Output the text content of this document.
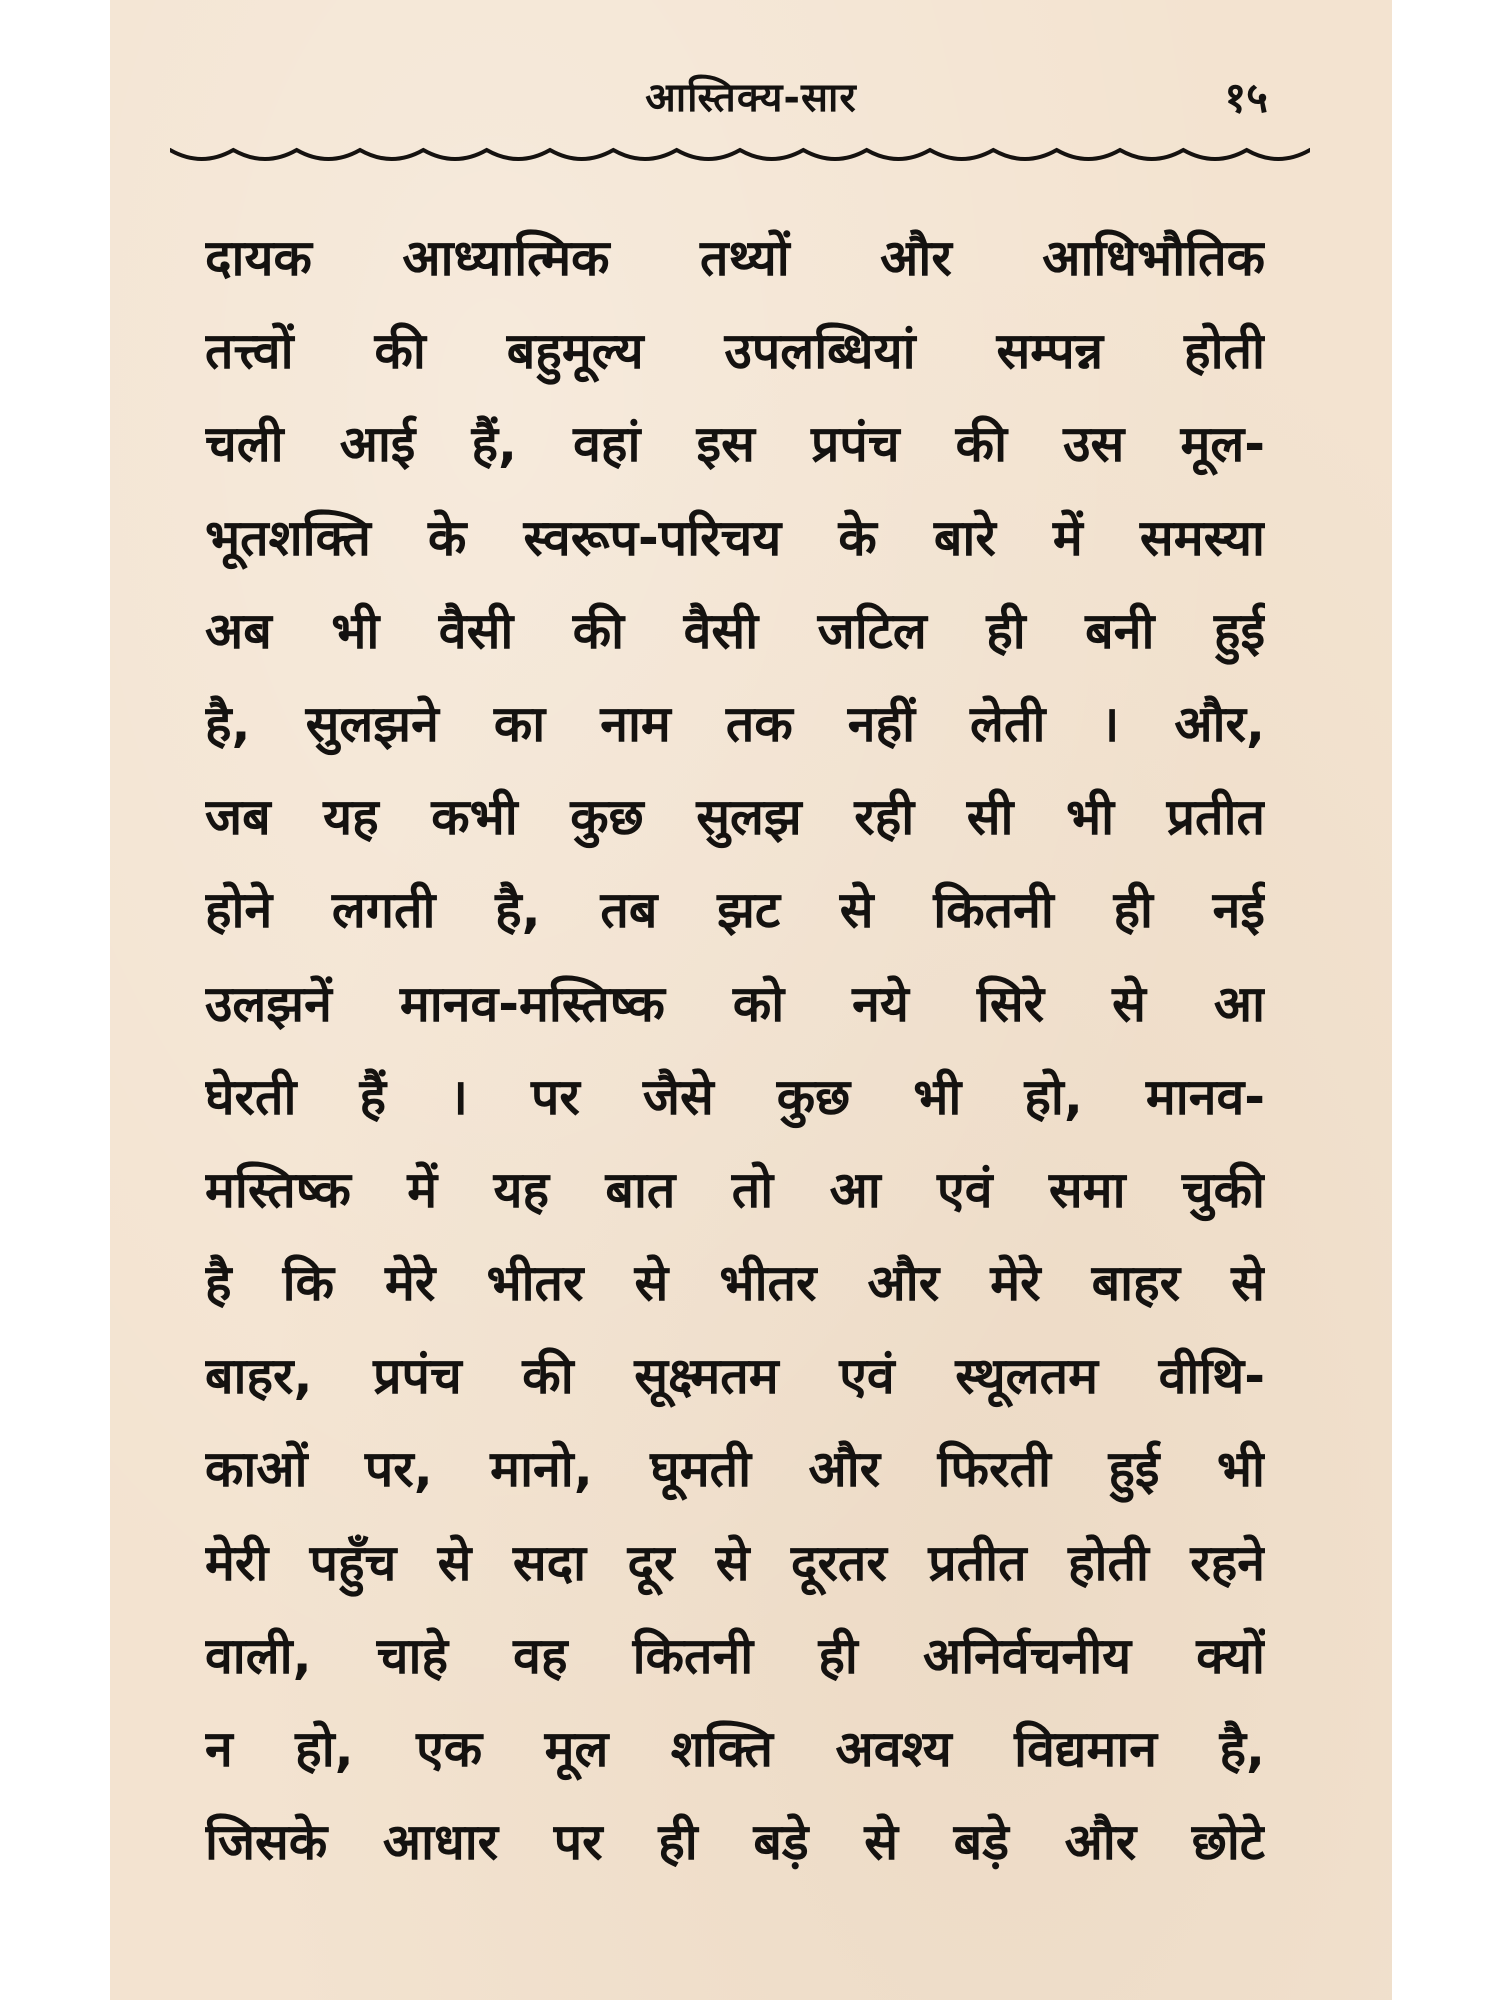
आस्तिक्य-सार	१५
दायक आध्यात्मिक तथ्यों और आधिभौतिक
तत्त्वों की बहुमूल्य उपलब्धियां सम्पन्न होती
चली आई हैं, वहां इस प्रपंच की उस मूल-
भूतशक्ति के स्वरूप-परिचय के बारे में समस्या
अब भी वैसी की वैसी जटिल ही बनी हुई
है, सुलझने का नाम तक नहीं लेती । और,
जब यह कभी कुछ सुलझ रही सी भी प्रतीत
होने लगती है, तब झट से कितनी ही नई
उलझनें मानव-मस्तिष्क को नये सिरे से आ
घेरती हैं । पर जैसे कुछ भी हो, मानव-
मस्तिष्क में यह बात तो आ एवं समा चुकी
है कि मेरे भीतर से भीतर और मेरे बाहर से
बाहर, प्रपंच की सूक्ष्मतम एवं स्थूलतम वीथि-
काओं पर, मानो, घूमती और फिरती हुई भी
मेरी पहुँच से सदा दूर से दूरतर प्रतीत होती रहने
वाली, चाहे वह कितनी ही अनिर्वचनीय क्यों
न हो, एक मूल शक्ति अवश्य विद्यमान है,
जिसके आधार पर ही बड़े से बड़े और छोटे
